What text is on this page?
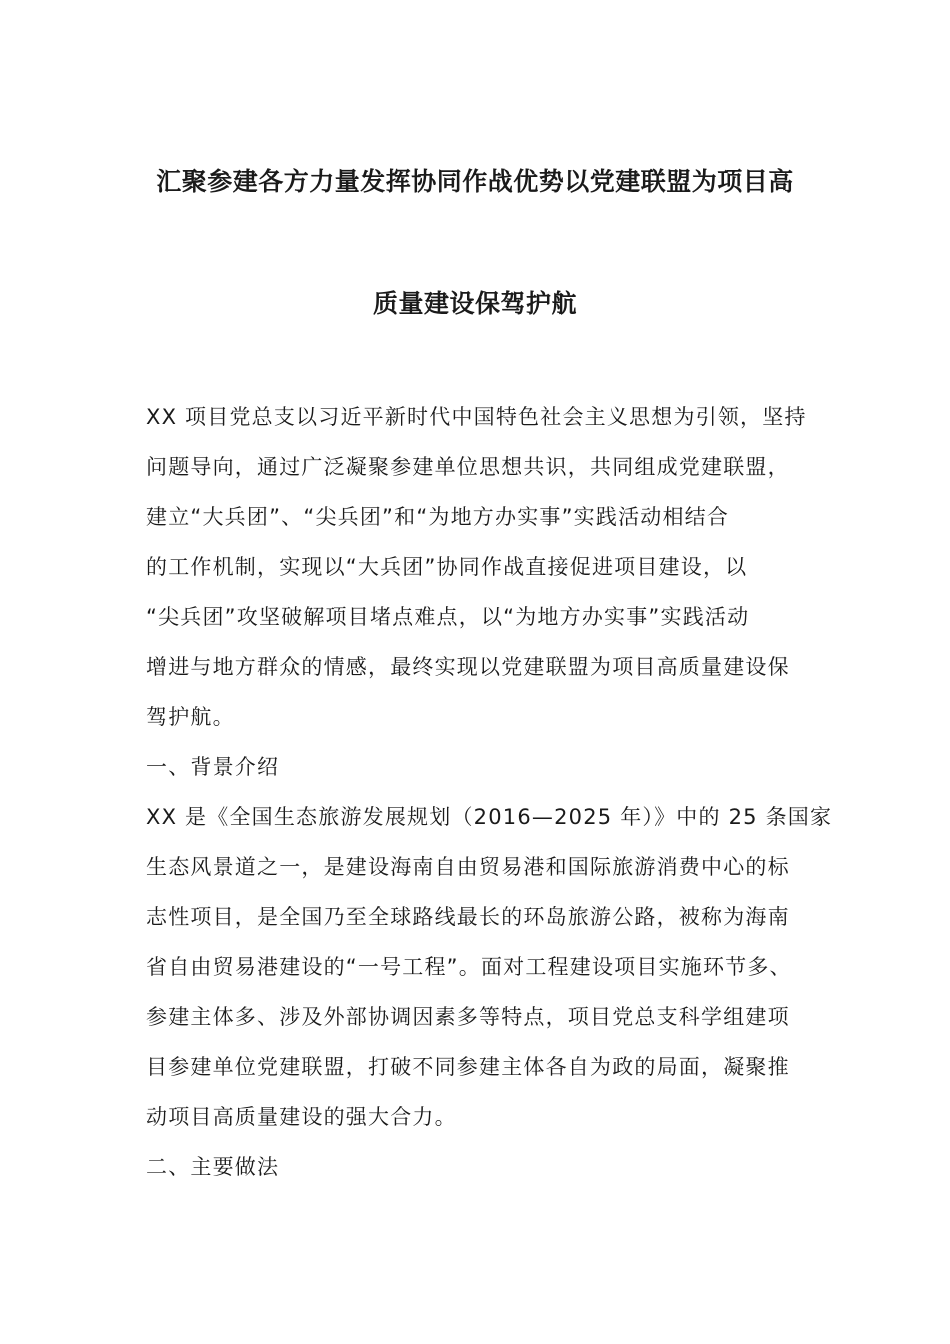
汇聚参建各方力量发挥协同作战优势以党建联盟为项目高
质量建设保驾护航
XX 项目党总支以习近平新时代中国特色社会主义思想为引领，坚持
问题导向，通过广泛凝聚参建单位思想共识，共同组成党建联盟，
建立“大兵团”、“尖兵团”和“为地方办实事”实践活动相结合
的工作机制，实现以“大兵团”协同作战直接促进项目建设，以
“尖兵团”攻坚破解项目堵点难点，以“为地方办实事”实践活动
增进与地方群众的情感，最终实现以党建联盟为项目高质量建设保
驾护航。
一、背景介绍
XX 是《全国生态旅游发展规划（2016—2025 年）》中的 25 条国家
生态风景道之一，是建设海南自由贸易港和国际旅游消费中心的标
志性项目，是全国乃至全球路线最长的环岛旅游公路，被称为海南
省自由贸易港建设的“一号工程”。面对工程建设项目实施环节多、
参建主体多、涉及外部协调因素多等特点，项目党总支科学组建项
目参建单位党建联盟，打破不同参建主体各自为政的局面，凝聚推
动项目高质量建设的强大合力。
二、主要做法
